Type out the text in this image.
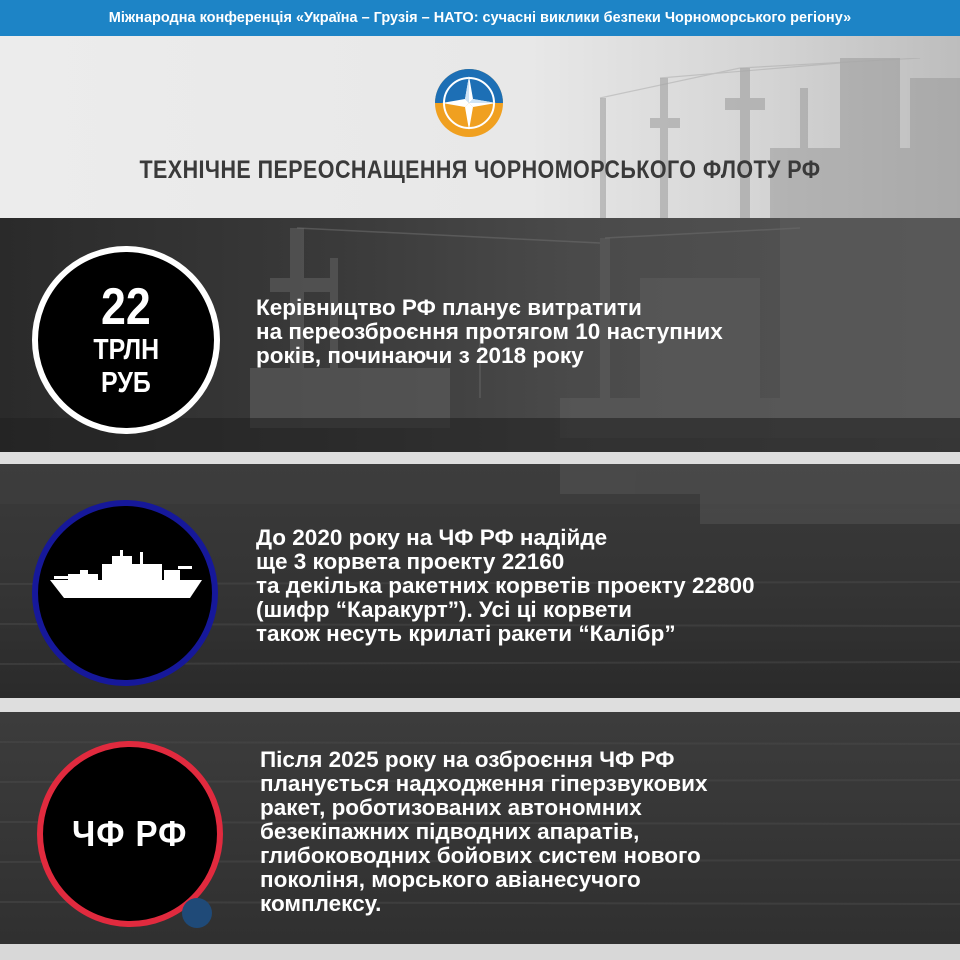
Міжнародна конференція «Україна – Грузія – НАТО: сучасні виклики безпеки Чорноморського регіону»
ТЕХНІЧНЕ ПЕРЕОСНАЩЕННЯ ЧОРНОМОРСЬКОГО ФЛОТУ РФ
22
ТРЛН
РУБ
Керівництво РФ планує витратити
на переозброєння протягом 10 наступних
років, починаючи з 2018 року
До 2020 року на ЧФ РФ надійде
ще 3 корвета проекту 22160
та декілька ракетних корветів проекту 22800
(шифр “Каракурт”). Усі ці корвети
також несуть крилаті ракети “Калібр”
ЧФ РФ
Після 2025 року на озброєння ЧФ РФ
планується надходження гіперзвукових
ракет, роботизованих автономних
безекіпажних підводних апаратів,
глибоководних бойових систем нового
поколіня, морського авіанесучого
комплексу.
